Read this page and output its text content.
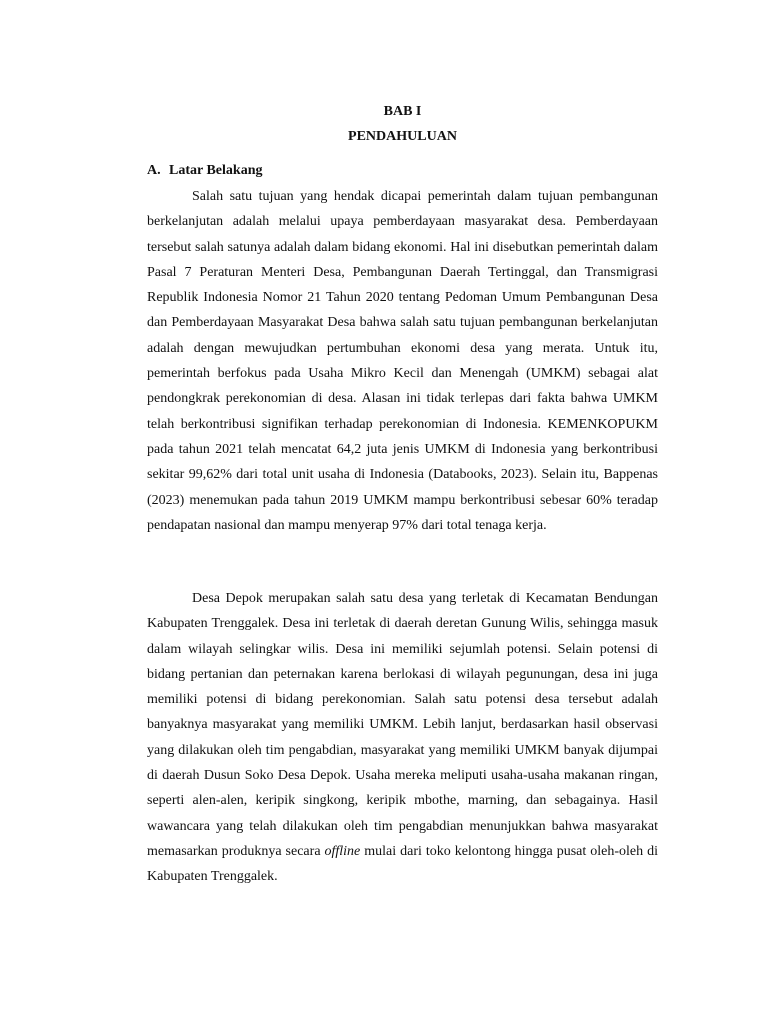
BAB I
PENDAHULUAN
A. Latar Belakang

Salah satu tujuan yang hendak dicapai pemerintah dalam tujuan pembangunan berkelanjutan adalah melalui upaya pemberdayaan masyarakat desa. Pemberdayaan tersebut salah satunya adalah dalam bidang ekonomi. Hal ini disebutkan pemerintah dalam Pasal 7 Peraturan Menteri Desa, Pembangunan Daerah Tertinggal, dan Transmigrasi Republik Indonesia Nomor 21 Tahun 2020 tentang Pedoman Umum Pembangunan Desa dan Pemberdayaan Masyarakat Desa bahwa salah satu tujuan pembangunan berkelanjutan adalah dengan mewujudkan pertumbuhan ekonomi desa yang merata. Untuk itu, pemerintah berfokus pada Usaha Mikro Kecil dan Menengah (UMKM) sebagai alat pendongkrak perekonomian di desa. Alasan ini tidak terlepas dari fakta bahwa UMKM telah berkontribusi signifikan terhadap perekonomian di Indonesia. KEMENKOPUKM pada tahun 2021 telah mencatat 64,2 juta jenis UMKM di Indonesia yang berkontribusi sekitar 99,62% dari total unit usaha di Indonesia (Databooks, 2023). Selain itu, Bappenas (2023) menemukan pada tahun 2019 UMKM mampu berkontribusi sebesar 60% teradap pendapatan nasional dan mampu menyerap 97% dari total tenaga kerja.

Desa Depok merupakan salah satu desa yang terletak di Kecamatan Bendungan Kabupaten Trenggalek. Desa ini terletak di daerah deretan Gunung Wilis, sehingga masuk dalam wilayah selingkar wilis. Desa ini memiliki sejumlah potensi. Selain potensi di bidang pertanian dan peternakan karena berlokasi di wilayah pegunungan, desa ini juga memiliki potensi di bidang perekonomian. Salah satu potensi desa tersebut adalah banyaknya masyarakat yang memiliki UMKM. Lebih lanjut, berdasarkan hasil observasi yang dilakukan oleh tim pengabdian, masyarakat yang memiliki UMKM banyak dijumpai di daerah Dusun Soko Desa Depok. Usaha mereka meliputi usaha-usaha makanan ringan, seperti alen-alen, keripik singkong, keripik mbothe, marning, dan sebagainya. Hasil wawancara yang telah dilakukan oleh tim pengabdian menunjukkan bahwa masyarakat memasarkan produknya secara offline mulai dari toko kelontong hingga pusat oleh-oleh di Kabupaten Trenggalek.
